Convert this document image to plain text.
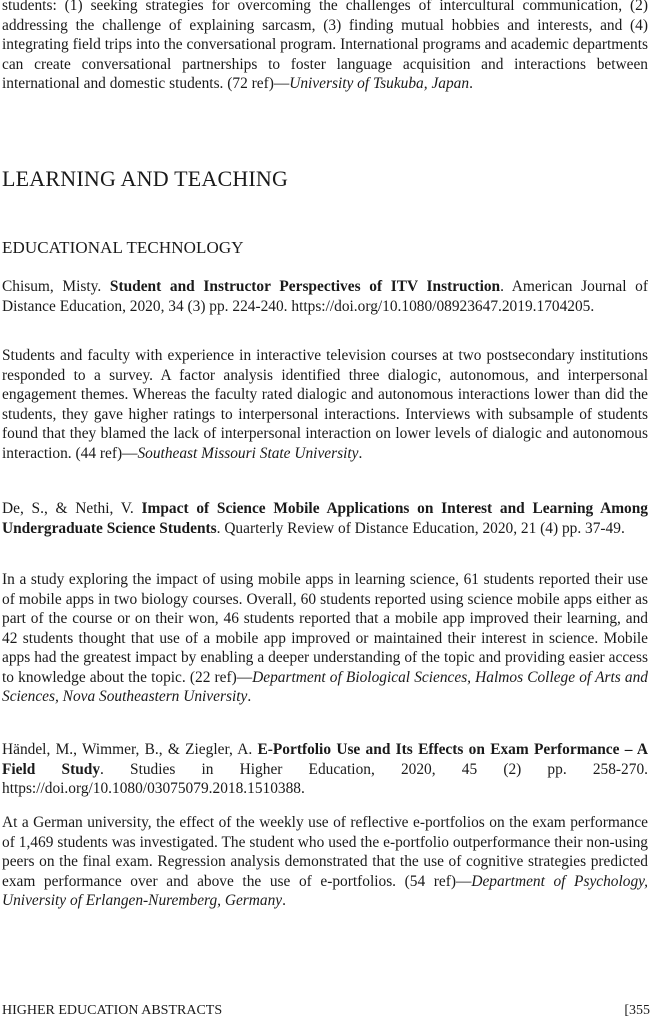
students: (1) seeking strategies for overcoming the challenges of intercultural communication, (2) addressing the challenge of explaining sarcasm, (3) finding mutual hobbies and interests, and (4) integrating field trips into the conversational program. International programs and academic departments can create conversational partnerships to foster language acquisition and interactions between international and domestic students. (72 ref)—University of Tsukuba, Japan.

LEARNING AND TEACHING
EDUCATIONAL TECHNOLOGY

Chisum, Misty. Student and Instructor Perspectives of ITV Instruction. American Journal of Distance Education, 2020, 34 (3) pp. 224-240. https://doi.org/10.1080/08923647.2019.1704205.

Students and faculty with experience in interactive television courses at two postsecondary institutions responded to a survey. A factor analysis identified three dialogic, autonomous, and interpersonal engagement themes. Whereas the faculty rated dialogic and autonomous interactions lower than did the students, they gave higher ratings to interpersonal interactions. Interviews with subsample of students found that they blamed the lack of interpersonal interaction on lower levels of dialogic and autonomous interaction. (44 ref)—Southeast Missouri State University.

De, S., & Nethi, V. Impact of Science Mobile Applications on Interest and Learning Among Undergraduate Science Students. Quarterly Review of Distance Education, 2020, 21 (4) pp. 37-49.

In a study exploring the impact of using mobile apps in learning science, 61 students reported their use of mobile apps in two biology courses. Overall, 60 students reported using science mobile apps either as part of the course or on their won, 46 students reported that a mobile app improved their learning, and 42 students thought that use of a mobile app improved or maintained their interest in science. Mobile apps had the greatest impact by enabling a deeper understanding of the topic and providing easier access to knowledge about the topic. (22 ref)—Department of Biological Sciences, Halmos College of Arts and Sciences, Nova Southeastern University.

Händel, M., Wimmer, B., & Ziegler, A. E-Portfolio Use and Its Effects on Exam Performance – A Field Study. Studies in Higher Education, 2020, 45 (2) pp. 258-270. https://doi.org/10.1080/03075079.2018.1510388.

At a German university, the effect of the weekly use of reflective e-portfolios on the exam performance of 1,469 students was investigated. The student who used the e-portfolio outperformance their non-using peers on the final exam. Regression analysis demonstrated that the use of cognitive strategies predicted exam performance over and above the use of e-portfolios. (54 ref)—Department of Psychology, University of Erlangen-Nuremberg, Germany.

HIGHER EDUCATION ABSTRACTS	[355
